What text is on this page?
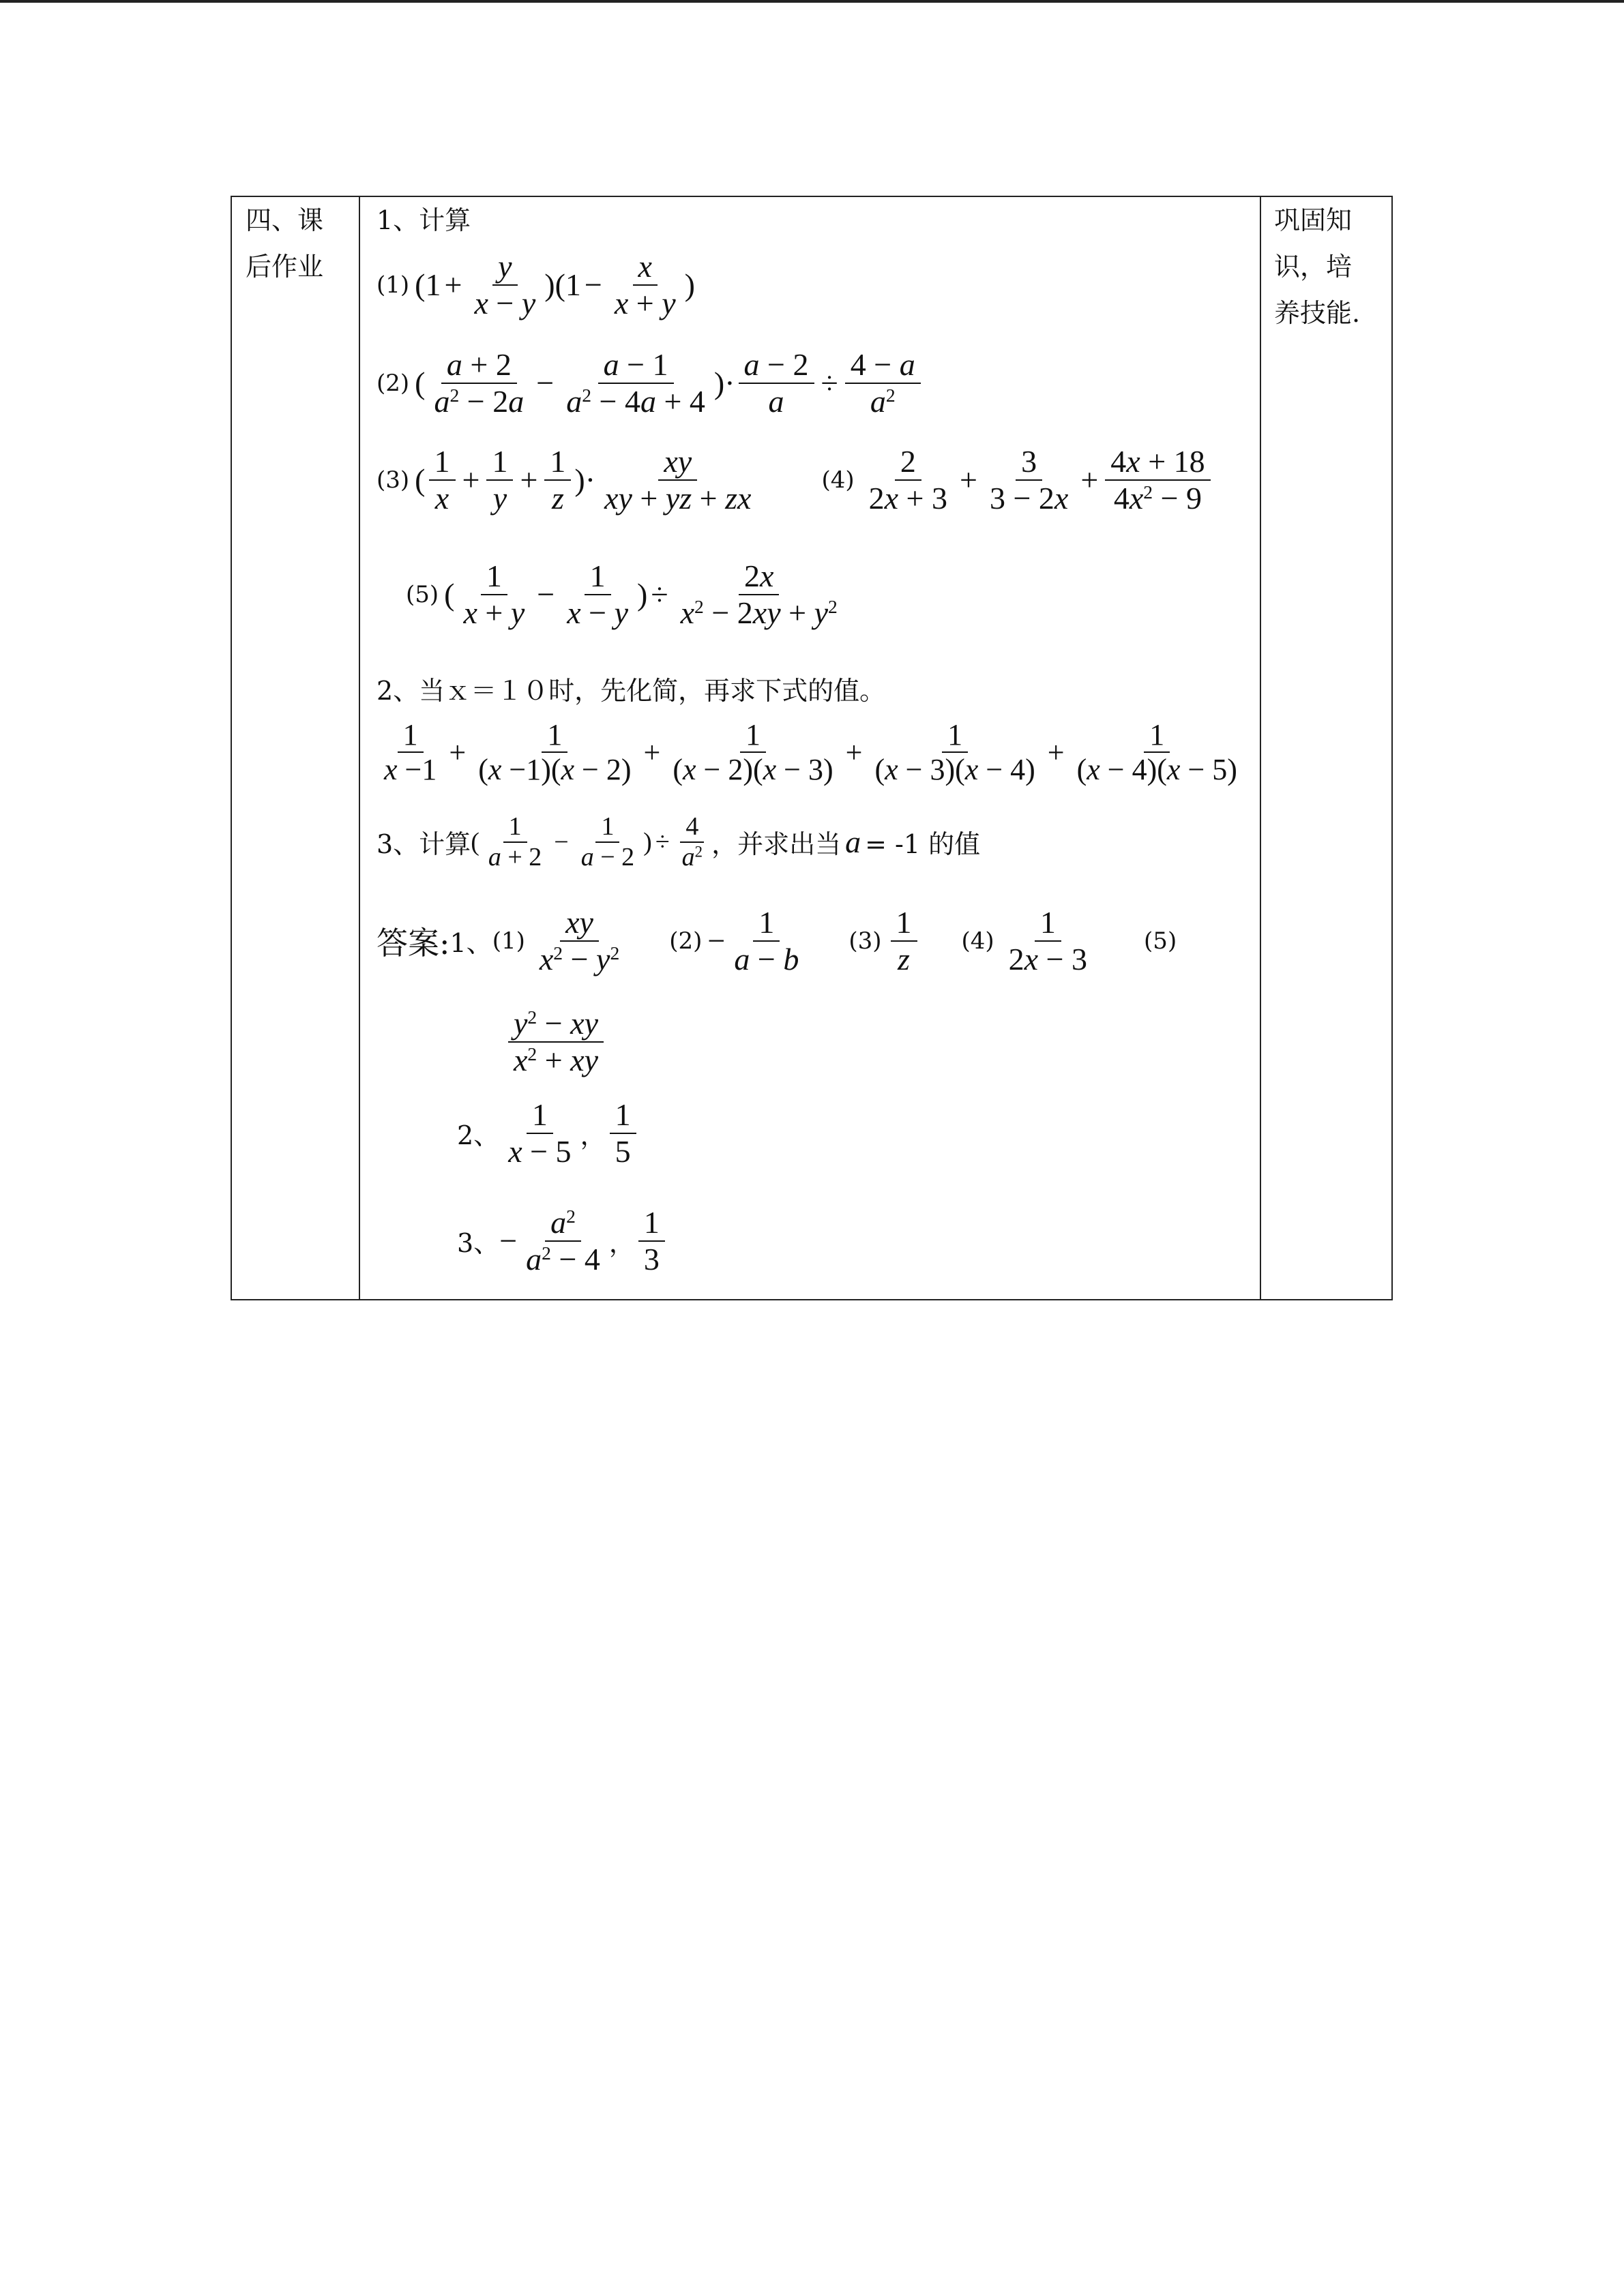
四、课后作业
巩固知识，培养技能.
1、计算
(1) $(1 + \frac{y}{x - y} )(1 - \frac{x}{x + y}$ )
(2) ( $\frac{a + 2}{a^2 - 2a} - \frac{a - 1}{a^2 - 4a + 4}$ )· $\frac{a - 2}{a} \div \frac{4 - a}{a^2}$
(3) ( $\frac{1}{x} + \frac{1}{y} + \frac{1}{z}$ )· $\frac{xy}{xy + yz + zx}$	$(4) \frac{2}{2x + 3} + \frac{3}{3 - 2x} + \frac{4x + 18}{4x^2 - 9}$
(5) ( $\frac{1}{x + y} - \frac{1}{x - y}$ ) ÷ $\frac{2x}{x^2 - 2xy + y^2}$
2、当ｘ＝１０时，先化简，再求下式的值。
$\frac{1}{x -1} + \frac{1}{(x -1)(x - 2)} + \frac{1}{(x - 2)(x - 3)} + \frac{1}{(x - 3)(x - 4)} + \frac{1}{(x - 4)(x - 5)}$
3、计算 ( $\frac{1}{a + 2} - \frac{1}{a - 2}$ ) ÷ $\frac{4}{a^2}$ ，并求出当 a = -1 的值
答案: 1、 $(1) \frac{xy}{x^2 - y^2} (2) - \frac{1}{a - b} (3) \frac{1}{z} (4) \frac{1}{2x - 3} (5)$
$\frac{y^2 - xy}{x^2 + xy}$
2、 $\frac{1}{x - 5}$ ， $\frac{1}{5}$
3、 − $\frac{a^2}{a^2 - 4}$ ， $\frac{1}{3}$
